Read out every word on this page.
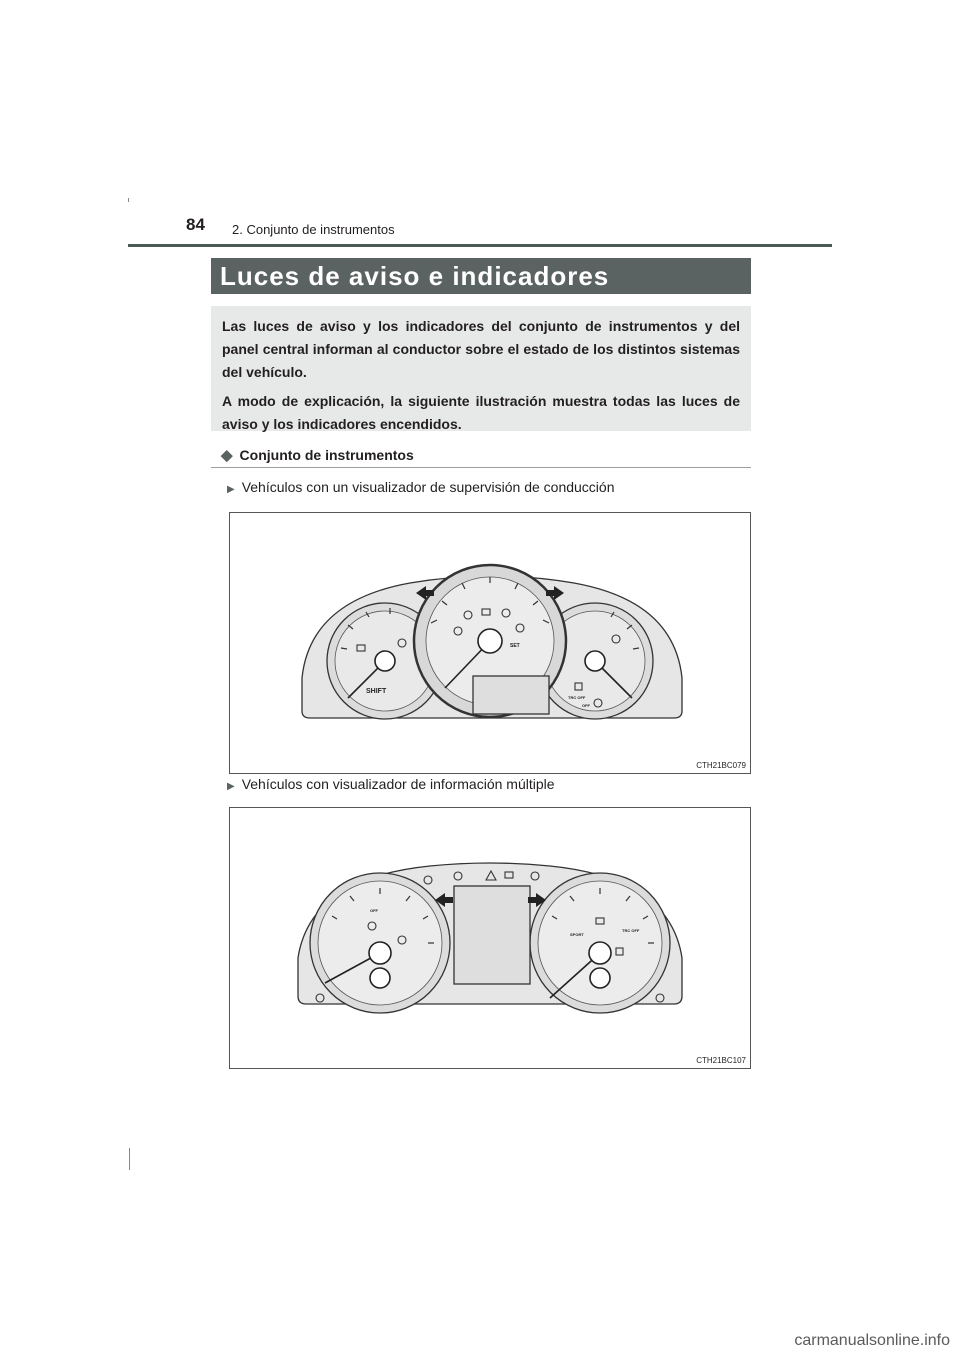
84 2. Conjunto de instrumentos
Luces de aviso e indicadores

Las luces de aviso y los indicadores del conjunto de instrumentos y del panel central informan al conductor sobre el estado de los distintos sistemas del vehículo.

A modo de explicación, la siguiente ilustración muestra todas las luces de aviso y los indicadores encendidos.

◆ Conjunto de instrumentos
▶ Vehículos con un visualizador de supervisión de conducción
SHIFT
SET
TRC OFF
OFF
CTH21BC079
▶ Vehículos con visualizador de información múltiple
SPORT
TRC OFF
OFF
CTH21BC107
carmanualsonline.info
